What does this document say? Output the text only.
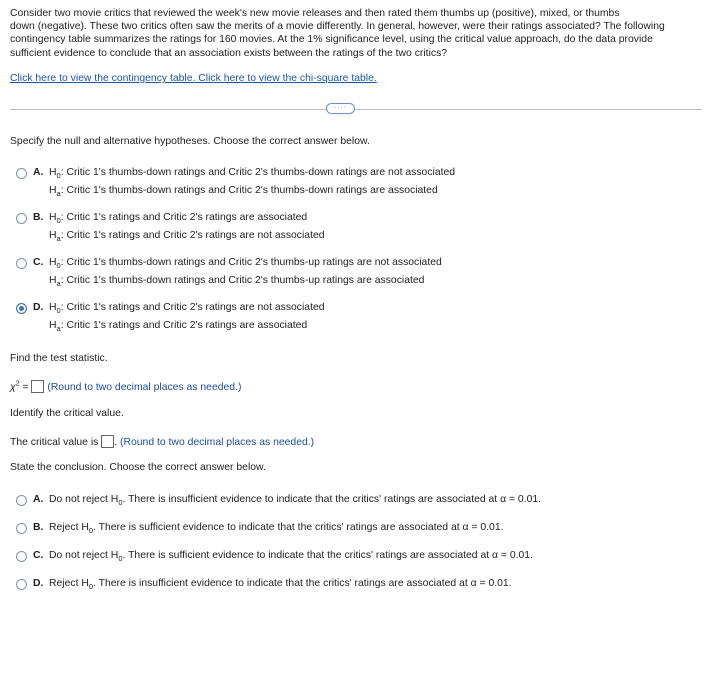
Consider two movie critics that reviewed the week's new movie releases and then rated them thumbs up (positive), mixed, or thumbs
down (negative). These two critics often saw the merits of a movie differently. In general, however, were their ratings associated? The following
contingency table summarizes the ratings for 160 movies. At the 1% significance level, using the critical value approach, do the data provide
sufficient evidence to conclude that an association exists between the ratings of the two critics?
Click here to view the contingency table. Click here to view the chi-square table.
····
Specify the null and alternative hypotheses. Choose the correct answer below.
A. $H_0$: Critic 1's thumbs-down ratings and Critic 2's thumbs-down ratings are not associated
$H_a$: Critic 1's thumbs-down ratings and Critic 2's thumbs-down ratings are associated
B. $H_0$: Critic 1's ratings and Critic 2's ratings are associated
$H_a$: Critic 1's ratings and Critic 2's ratings are not associated
C. $H_0$: Critic 1's thumbs-down ratings and Critic 2's thumbs-up ratings are not associated
$H_a$: Critic 1's thumbs-down ratings and Critic 2's thumbs-up ratings are associated
D. $H_0$: Critic 1's ratings and Critic 2's ratings are not associated
$H_a$: Critic 1's ratings and Critic 2's ratings are associated
Find the test statistic.
$\chi^2$ = (Round to two decimal places as needed.)
Identify the critical value.
The critical value is . (Round to two decimal places as needed.)
State the conclusion. Choose the correct answer below.
A. Do not reject $H_0$. There is insufficient evidence to indicate that the critics' ratings are associated at α = 0.01.
B. Reject $H_0$. There is sufficient evidence to indicate that the critics' ratings are associated at α = 0.01.
C. Do not reject $H_0$. There is sufficient evidence to indicate that the critics' ratings are associated at α = 0.01.
D. Reject $H_0$. There is insufficient evidence to indicate that the critics' ratings are associated at α = 0.01.
